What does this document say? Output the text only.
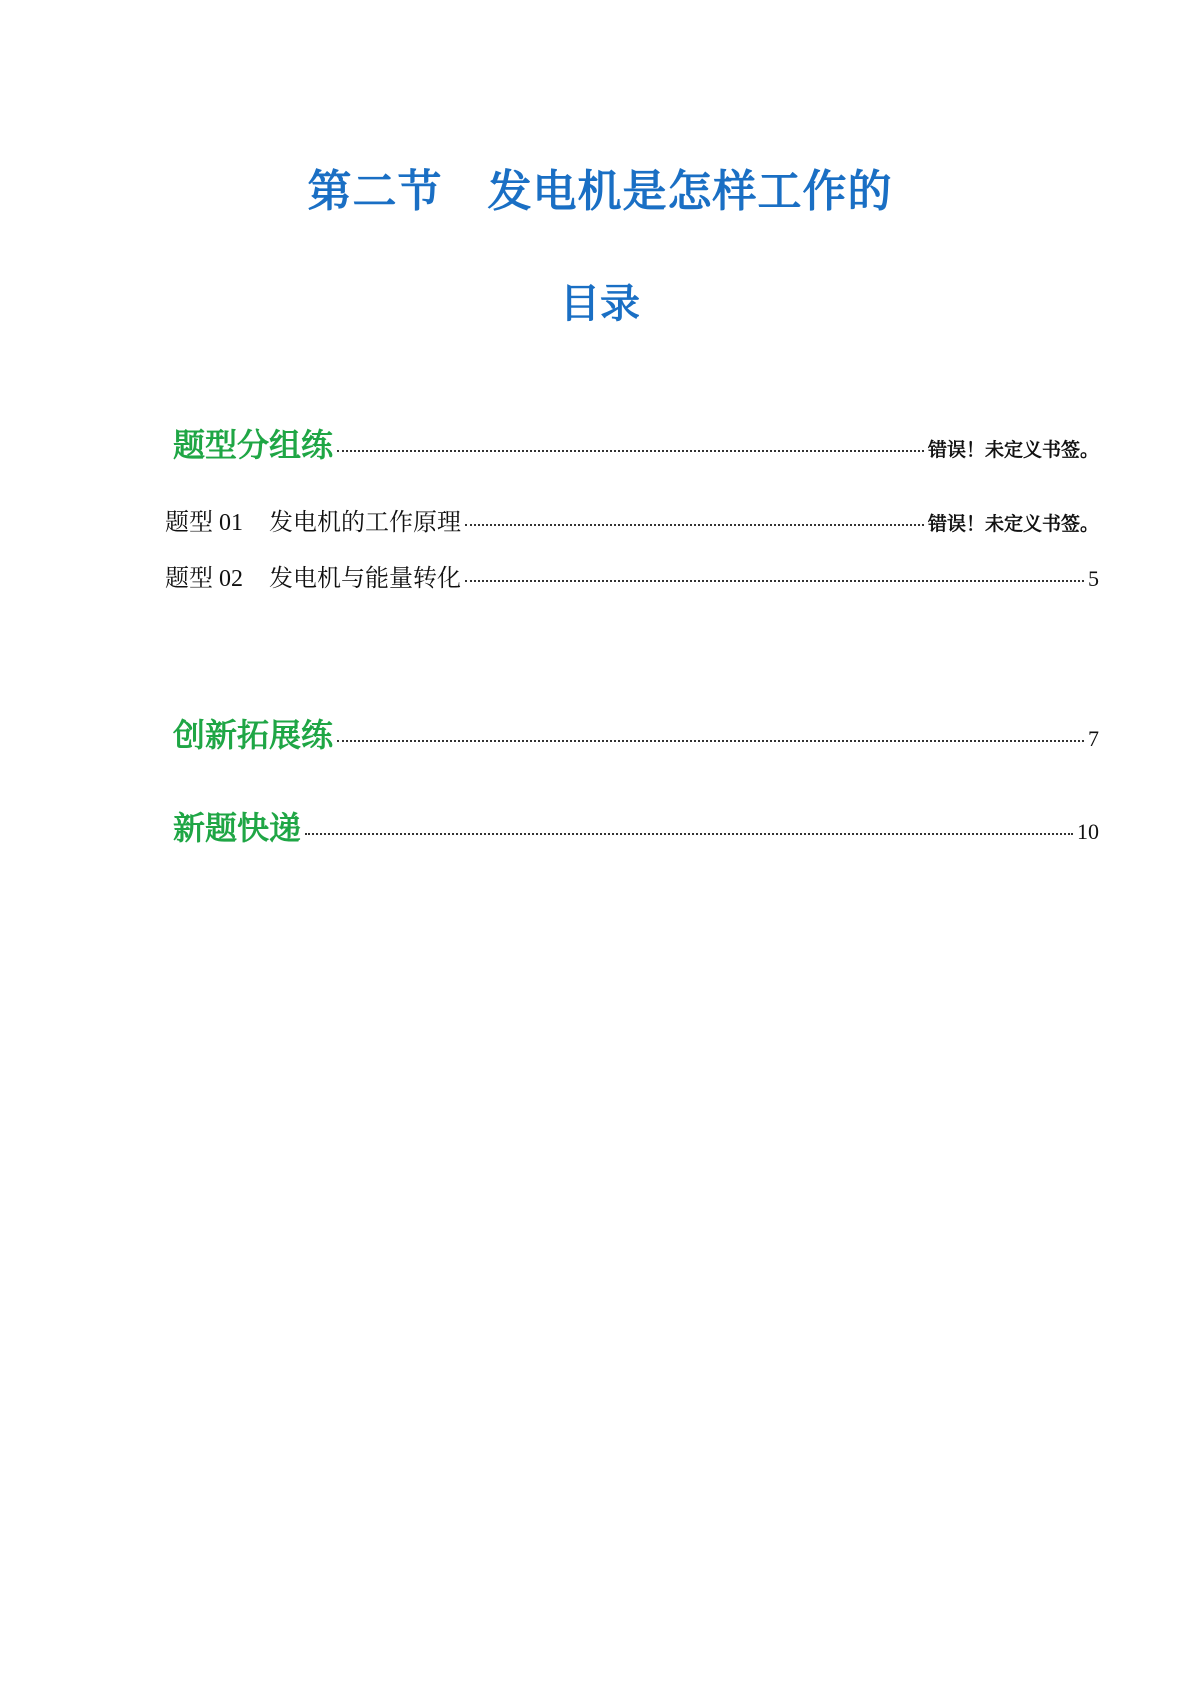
第二节　发电机是怎样工作的
目录
题型分组练	错误！未定义书签。
题型 01 发电机的工作原理	错误！未定义书签。
题型 02 发电机与能量转化	5
创新拓展练	7
新题快递	10
